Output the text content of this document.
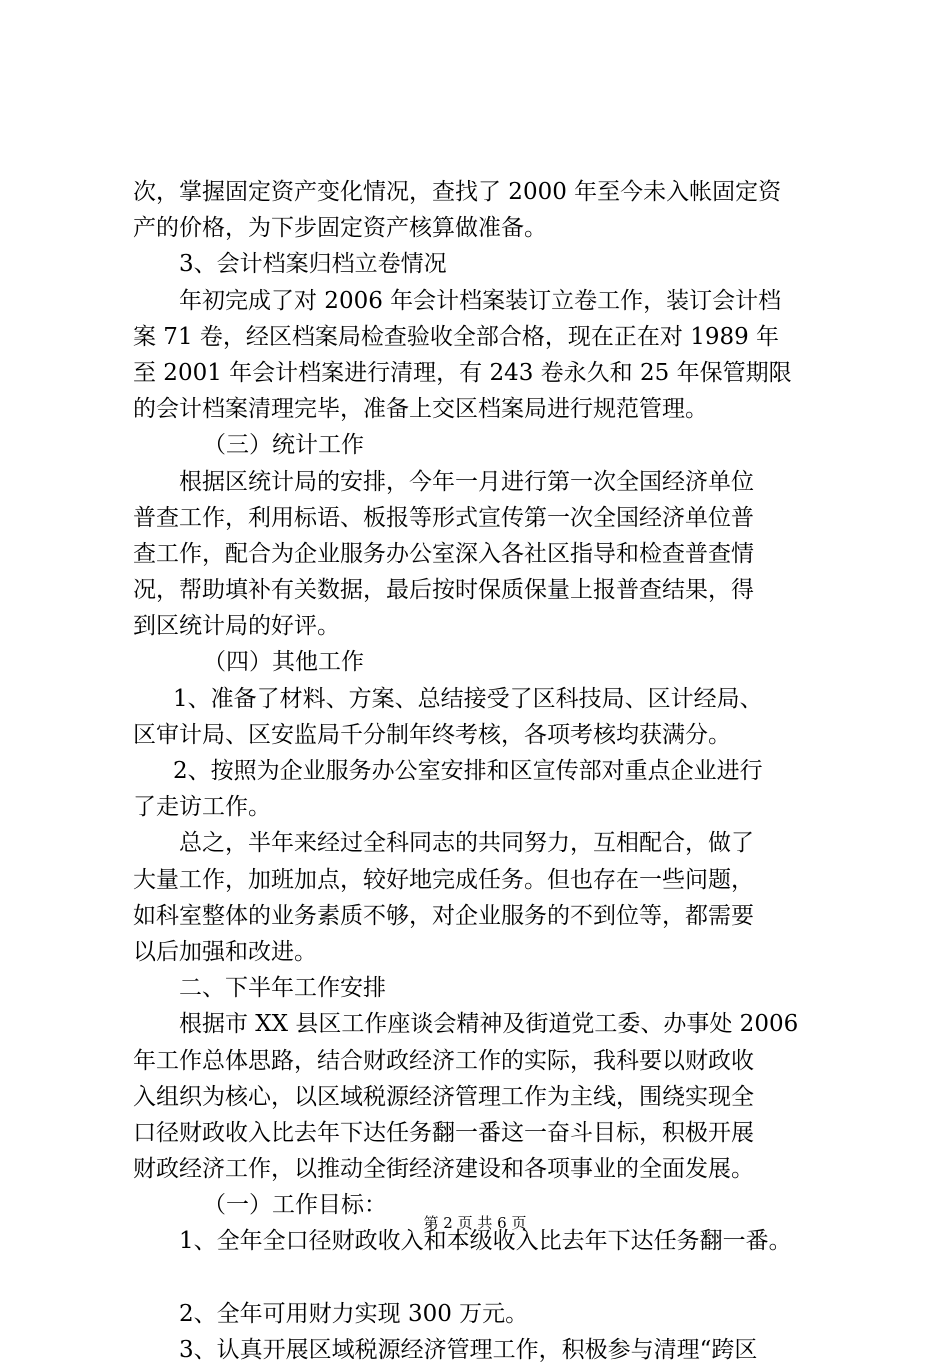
次，掌握固定资产变化情况，查找了 2000 年至今未入帐固定资
产的价格，为下步固定资产核算做准备。
3、会计档案归档立卷情况
年初完成了对 2006 年会计档案装订立卷工作，装订会计档
案 71 卷，经区档案局检查验收全部合格，现在正在对 1989 年
至 2001 年会计档案进行清理，有 243 卷永久和 25 年保管期限
的会计档案清理完毕，准备上交区档案局进行规范管理。
（三）统计工作
根据区统计局的安排，今年一月进行第一次全国经济单位
普查工作，利用标语、板报等形式宣传第一次全国经济单位普
查工作，配合为企业服务办公室深入各社区指导和检查普查情
况，帮助填补有关数据，最后按时保质保量上报普查结果，得
到区统计局的好评。
（四）其他工作
1、准备了材料、方案、总结接受了区科技局、区计经局、
区审计局、区安监局千分制年终考核，各项考核均获满分。
2、按照为企业服务办公室安排和区宣传部对重点企业进行
了走访工作。
总之，半年来经过全科同志的共同努力，互相配合，做了
大量工作，加班加点，较好地完成任务。但也存在一些问题，
如科室整体的业务素质不够，对企业服务的不到位等，都需要
以后加强和改进。
二、下半年工作安排
根据市 XX 县区工作座谈会精神及街道党工委、办事处 2006
年工作总体思路，结合财政经济工作的实际，我科要以财政收
入组织为核心，以区域税源经济管理工作为主线，围绕实现全
口径财政收入比去年下达任务翻一番这一奋斗目标，积极开展
财政经济工作，以推动全街经济建设和各项事业的全面发展。
（一）工作目标：
1、全年全口径财政收入和本级收入比去年下达任务翻一番。
2、全年可用财力实现 300 万元。
3、认真开展区域税源经济管理工作，积极参与清理“跨区
第 2 页 共 6 页
